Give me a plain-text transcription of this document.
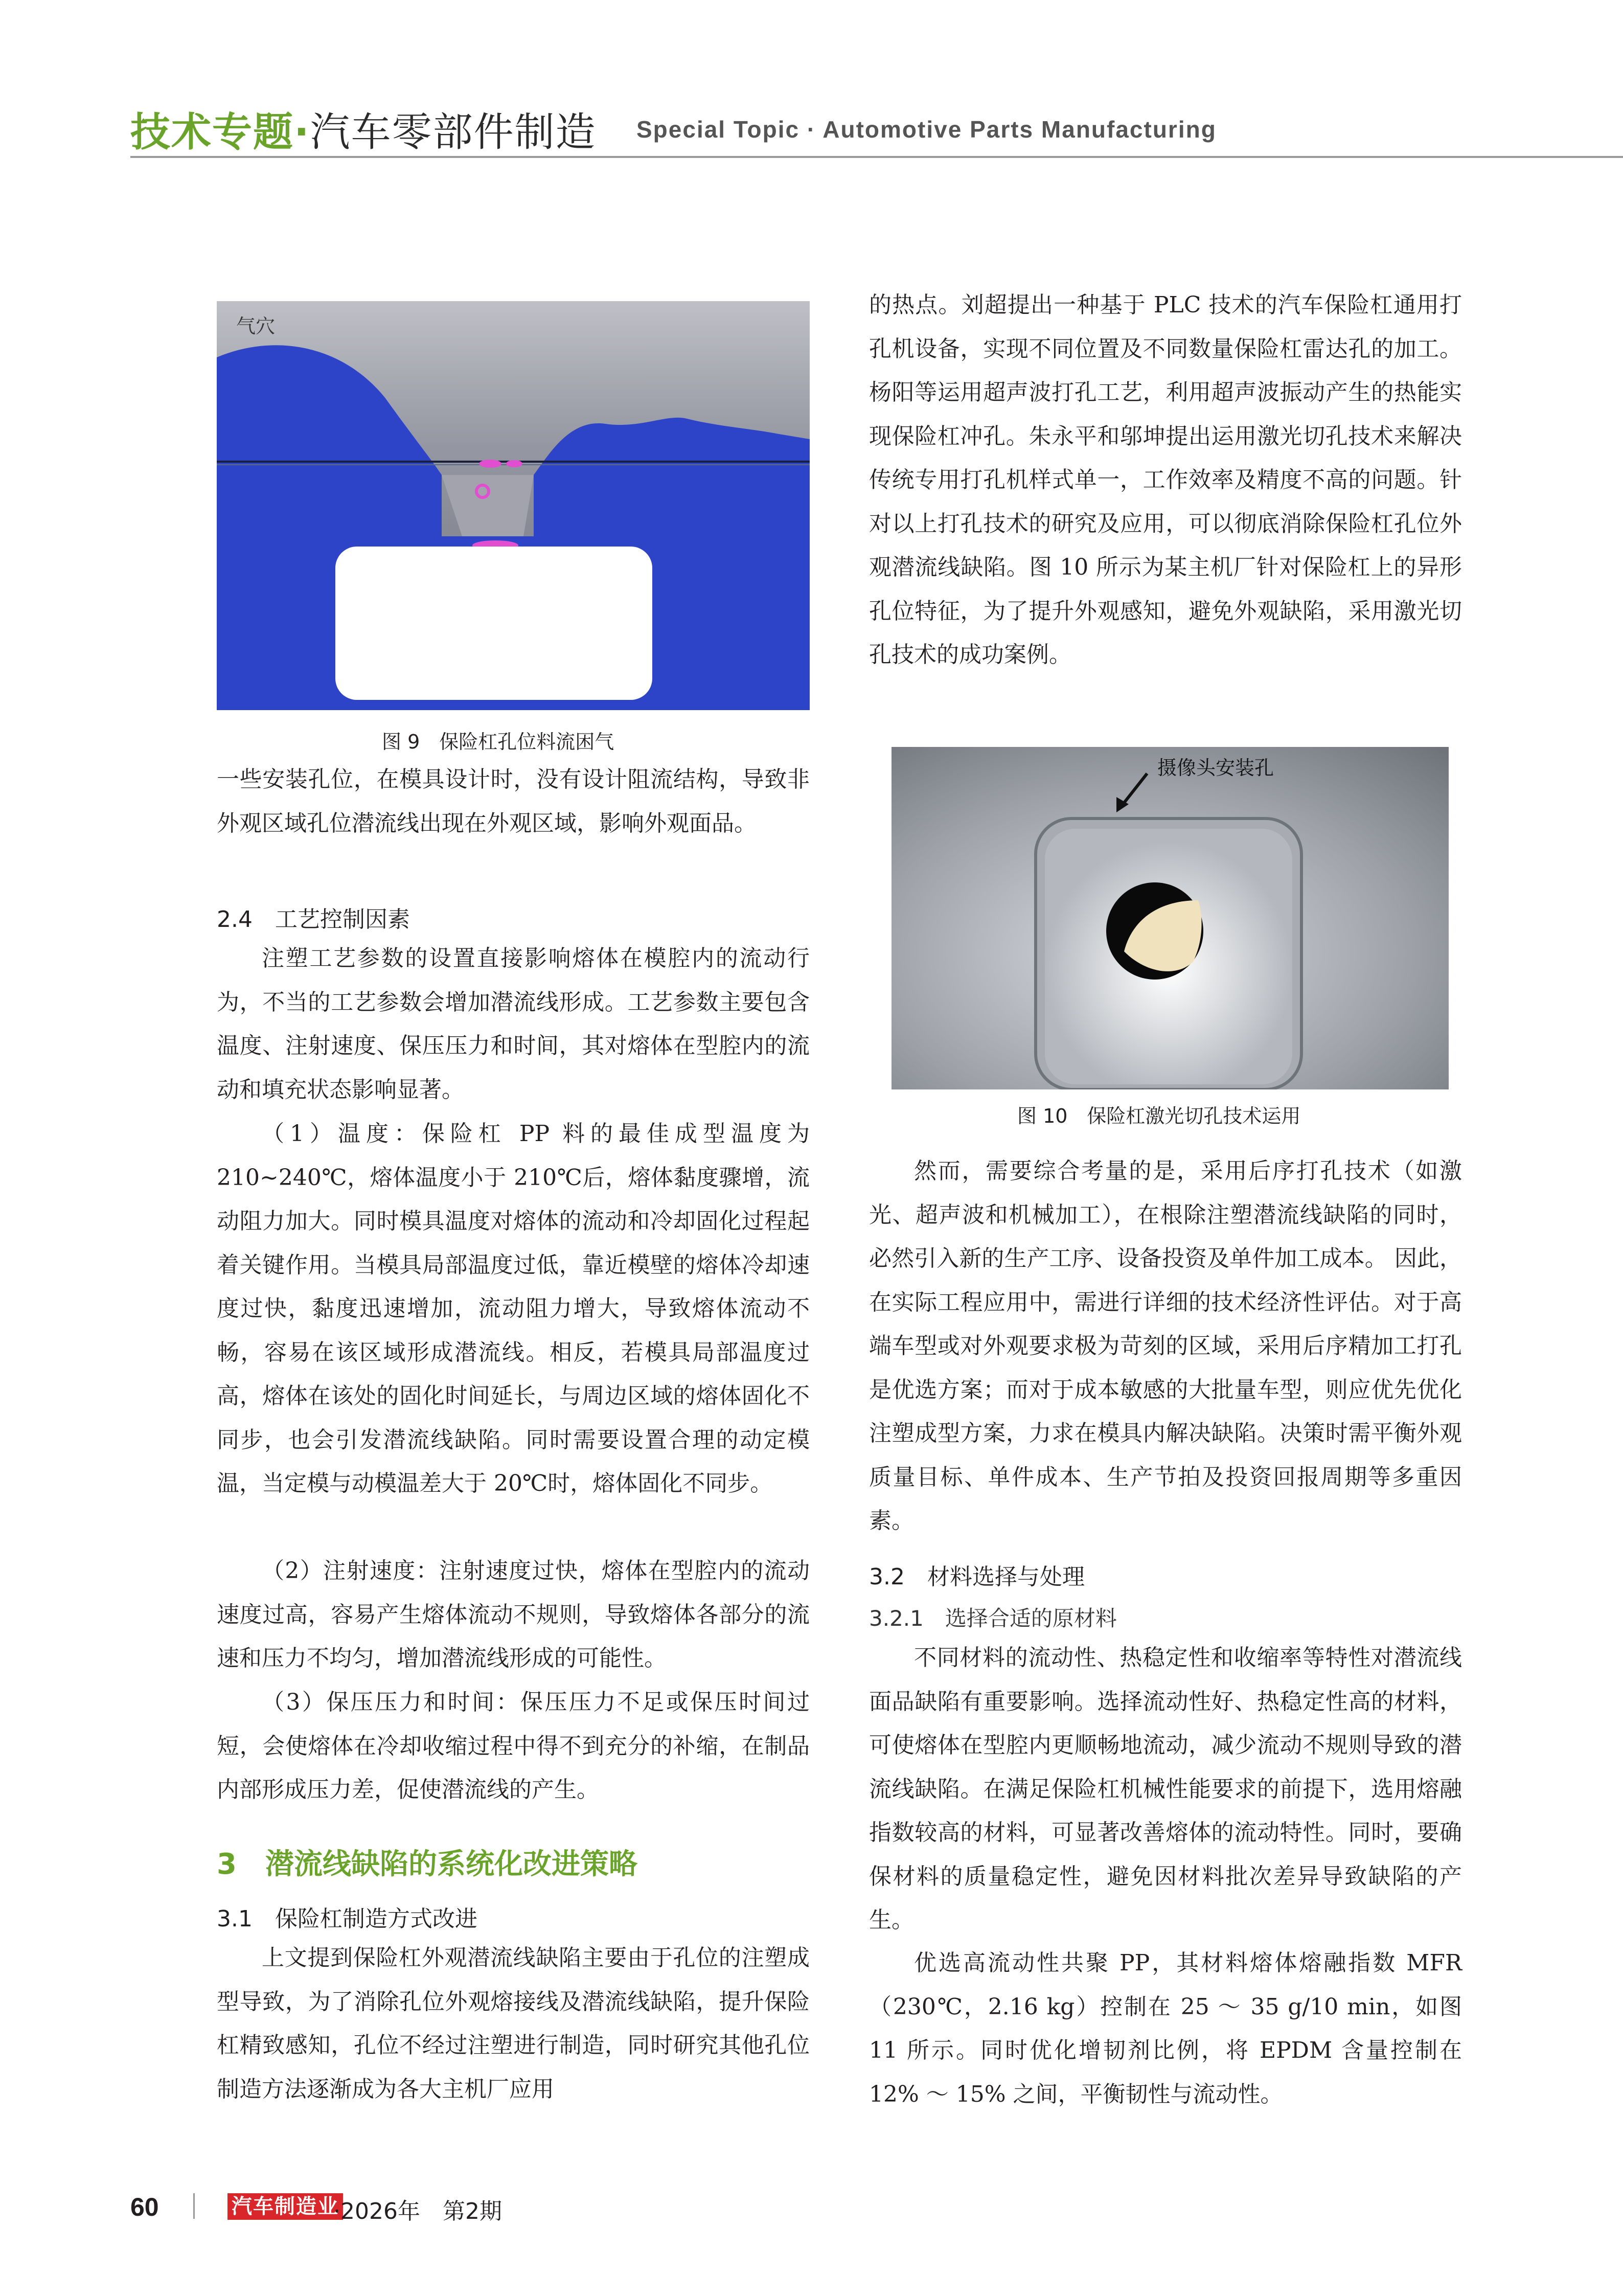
技术专题·汽车零部件制造 Special Topic · Automotive Parts Manufacturing
气穴
图 9　保险杠孔位料流困气

一些安装孔位，在模具设计时，没有设计阻流结构，导致非外观区域孔位潜流线出现在外观区域，影响外观面品。

2.4　工艺控制因素

注塑工艺参数的设置直接影响熔体在模腔内的流动行为，不当的工艺参数会增加潜流线形成。工艺参数主要包含温度、注射速度、保压压力和时间，其对熔体在型腔内的流动和填充状态影响显著。

（1）温度：保险杠 PP 料的最佳成型温度为 210~240℃，熔体温度小于 210℃后，熔体黏度骤增，流动阻力加大。同时模具温度对熔体的流动和冷却固化过程起着关键作用。当模具局部温度过低，靠近模壁的熔体冷却速度过快，黏度迅速增加，流动阻力增大，导致熔体流动不畅，容易在该区域形成潜流线。相反，若模具局部温度过高，熔体在该处的固化时间延长，与周边区域的熔体固化不同步，也会引发潜流线缺陷。同时需要设置合理的动定模温，当定模与动模温差大于 20℃时，熔体固化不同步。

（2）注射速度：注射速度过快，熔体在型腔内的流动速度过高，容易产生熔体流动不规则，导致熔体各部分的流速和压力不均匀，增加潜流线形成的可能性。

（3）保压压力和时间：保压压力不足或保压时间过短，会使熔体在冷却收缩过程中得不到充分的补缩，在制品内部形成压力差，促使潜流线的产生。

3　潜流线缺陷的系统化改进策略
3.1　保险杠制造方式改进

上文提到保险杠外观潜流线缺陷主要由于孔位的注塑成型导致，为了消除孔位外观熔接线及潜流线缺陷，提升保险杠精致感知，孔位不经过注塑进行制造，同时研究其他孔位制造方法逐渐成为各大主机厂应用

的热点。刘超提出一种基于 PLC 技术的汽车保险杠通用打孔机设备，实现不同位置及不同数量保险杠雷达孔的加工。杨阳等运用超声波打孔工艺，利用超声波振动产生的热能实现保险杠冲孔。朱永平和邬坤提出运用激光切孔技术来解决传统专用打孔机样式单一，工作效率及精度不高的问题。针对以上打孔技术的研究及应用，可以彻底消除保险杠孔位外观潜流线缺陷。图 10 所示为某主机厂针对保险杠上的异形孔位特征，为了提升外观感知，避免外观缺陷，采用激光切孔技术的成功案例。

摄像头安装孔
图 10　保险杠激光切孔技术运用

然而，需要综合考量的是，采用后序打孔技术（如激光、超声波和机械加工），在根除注塑潜流线缺陷的同时，必然引入新的生产工序、设备投资及单件加工成本。 因此，在实际工程应用中，需进行详细的技术经济性评估。对于高端车型或对外观要求极为苛刻的区域，采用后序精加工打孔是优选方案；而对于成本敏感的大批量车型，则应优先优化注塑成型方案，力求在模具内解决缺陷。决策时需平衡外观质量目标、单件成本、生产节拍及投资回报周期等多重因素。

3.2　材料选择与处理
3.2.1　选择合适的原材料

不同材料的流动性、热稳定性和收缩率等特性对潜流线面品缺陷有重要影响。选择流动性好、热稳定性高的材料，可使熔体在型腔内更顺畅地流动，减少流动不规则导致的潜流线缺陷。在满足保险杠机械性能要求的前提下，选用熔融指数较高的材料，可显著改善熔体的流动特性。同时，要确保材料的质量稳定性，避免因材料批次差异导致缺陷的产生。

优选高流动性共聚 PP，其材料熔体熔融指数 MFR（230℃，2.16 kg）控制在 25 ～ 35 g/10 min，如图 11 所示。同时优化增韧剂比例，将 EPDM 含量控制在 12% ～ 15% 之间，平衡韧性与流动性。

60	汽车制造业
·2026年　第2期
